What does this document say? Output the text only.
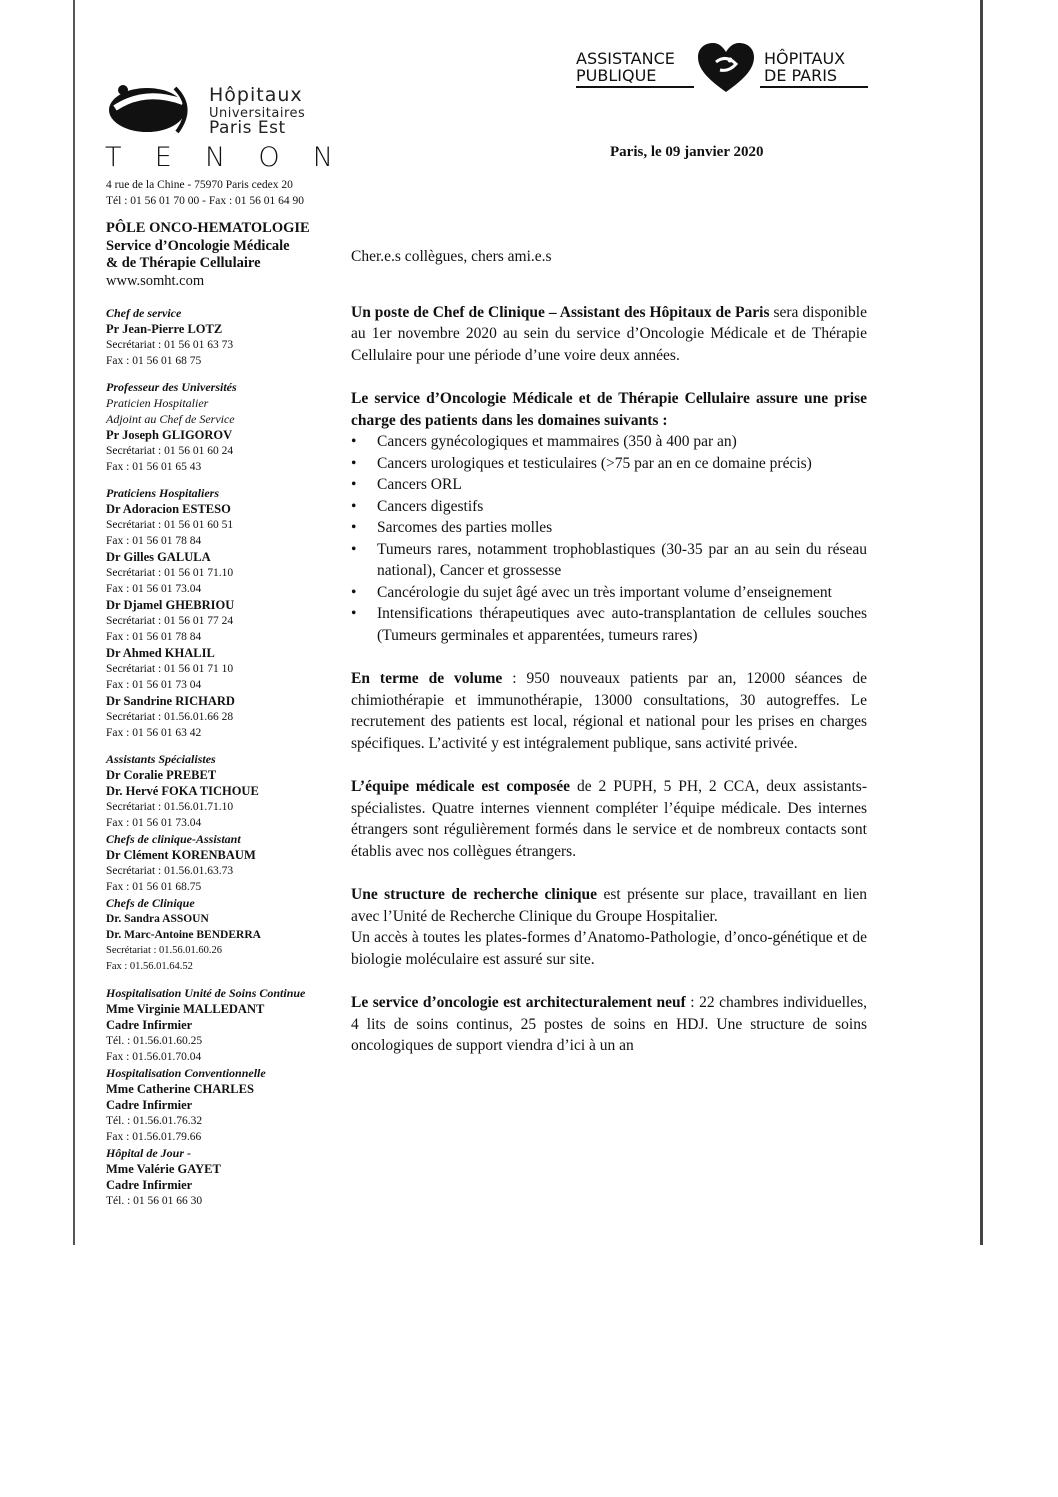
Hôpitaux
Universitaires
Paris Est
T E N O N
4 rue de la Chine - 75970 Paris cedex 20
Tél : 01 56 01 70 00 - Fax : 01 56 01 64 90
PÔLE ONCO-HEMATOLOGIE
Service d’Oncologie Médicale
& de Thérapie Cellulaire
www.somht.com
Chef de service
Pr Jean-Pierre LOTZ
Secrétariat : 01 56 01 63 73
Fax : 01 56 01 68 75
Professeur des Universités
Praticien Hospitalier
Adjoint au Chef de Service
Pr Joseph GLIGOROV
Secrétariat : 01 56 01 60 24
Fax : 01 56 01 65 43
Praticiens Hospitaliers
Dr Adoracion ESTESO
Secrétariat : 01 56 01 60 51
Fax : 01 56 01 78 84
Dr Gilles GALULA
Secrétariat : 01 56 01 71.10
Fax : 01 56 01 73.04
Dr Djamel GHEBRIOU
Secrétariat : 01 56 01 77 24
Fax : 01 56 01 78 84
Dr Ahmed KHALIL
Secrétariat : 01 56 01 71 10
Fax : 01 56 01 73 04
Dr Sandrine RICHARD
Secrétariat : 01.56.01.66 28
Fax : 01 56 01 63 42
Assistants Spécialistes
Dr Coralie PREBET
Dr. Hervé FOKA TICHOUE
Secrétariat : 01.56.01.71.10
Fax : 01 56 01 73.04
Chefs de clinique-Assistant
Dr Clément KORENBAUM
Secrétariat : 01.56.01.63.73
Fax : 01 56 01 68.75
Chefs de Clinique
Dr. Sandra ASSOUN
Dr. Marc-Antoine BENDERRA
Secrétariat : 01.56.01.60.26
Fax : 01.56.01.64.52
Hospitalisation Unité de Soins Continue
Mme Virginie MALLEDANT
Cadre Infirmier
Tél. : 01.56.01.60.25
Fax : 01.56.01.70.04
Hospitalisation Conventionnelle
Mme Catherine CHARLES
Cadre Infirmier
Tél. : 01.56.01.76.32
Fax : 01.56.01.79.66
Hôpital de Jour -
Mme Valérie GAYET
Cadre Infirmier
Tél. : 01 56 01 66 30
ASSISTANCE
PUBLIQUE
HÔPITAUX
DE PARIS
Paris, le 09 janvier 2020

Cher.e.s collègues, chers ami.e.s

Un poste de Chef de Clinique – Assistant des Hôpitaux de Paris sera disponible au 1er novembre 2020 au sein du service d’Oncologie Médicale et de Thérapie Cellulaire pour une période d’une voire deux années.

Le service d’Oncologie Médicale et de Thérapie Cellulaire assure une prise charge des patients dans les domaines suivants :
• Cancers gynécologiques et mammaires (350 à 400 par an)
• Cancers urologiques et testiculaires (>75 par an en ce domaine précis)
• Cancers ORL
• Cancers digestifs
• Sarcomes des parties molles
• Tumeurs rares, notamment trophoblastiques (30-35 par an au sein du réseau national), Cancer et grossesse
• Cancérologie du sujet âgé avec un très important volume d’enseignement
• Intensifications thérapeutiques avec auto-transplantation de cellules souches (Tumeurs germinales et apparentées, tumeurs rares)

En terme de volume : 950 nouveaux patients par an, 12000 séances de chimiothérapie et immunothérapie, 13000 consultations, 30 autogreffes. Le recrutement des patients est local, régional et national pour les prises en charges spécifiques. L’activité y est intégralement publique, sans activité privée.

L’équipe médicale est composée de 2 PUPH, 5 PH, 2 CCA, deux assistants-spécialistes. Quatre internes viennent compléter l’équipe médicale. Des internes étrangers sont régulièrement formés dans le service et de nombreux contacts sont établis avec nos collègues étrangers.

Une structure de recherche clinique est présente sur place, travaillant en lien avec l’Unité de Recherche Clinique du Groupe Hospitalier.
Un accès à toutes les plates-formes d’Anatomo-Pathologie, d’onco-génétique et de biologie moléculaire est assuré sur site.

Le service d’oncologie est architecturalement neuf : 22 chambres individuelles, 4 lits de soins continus, 25 postes de soins en HDJ. Une structure de soins oncologiques de support viendra d’ici à un an
